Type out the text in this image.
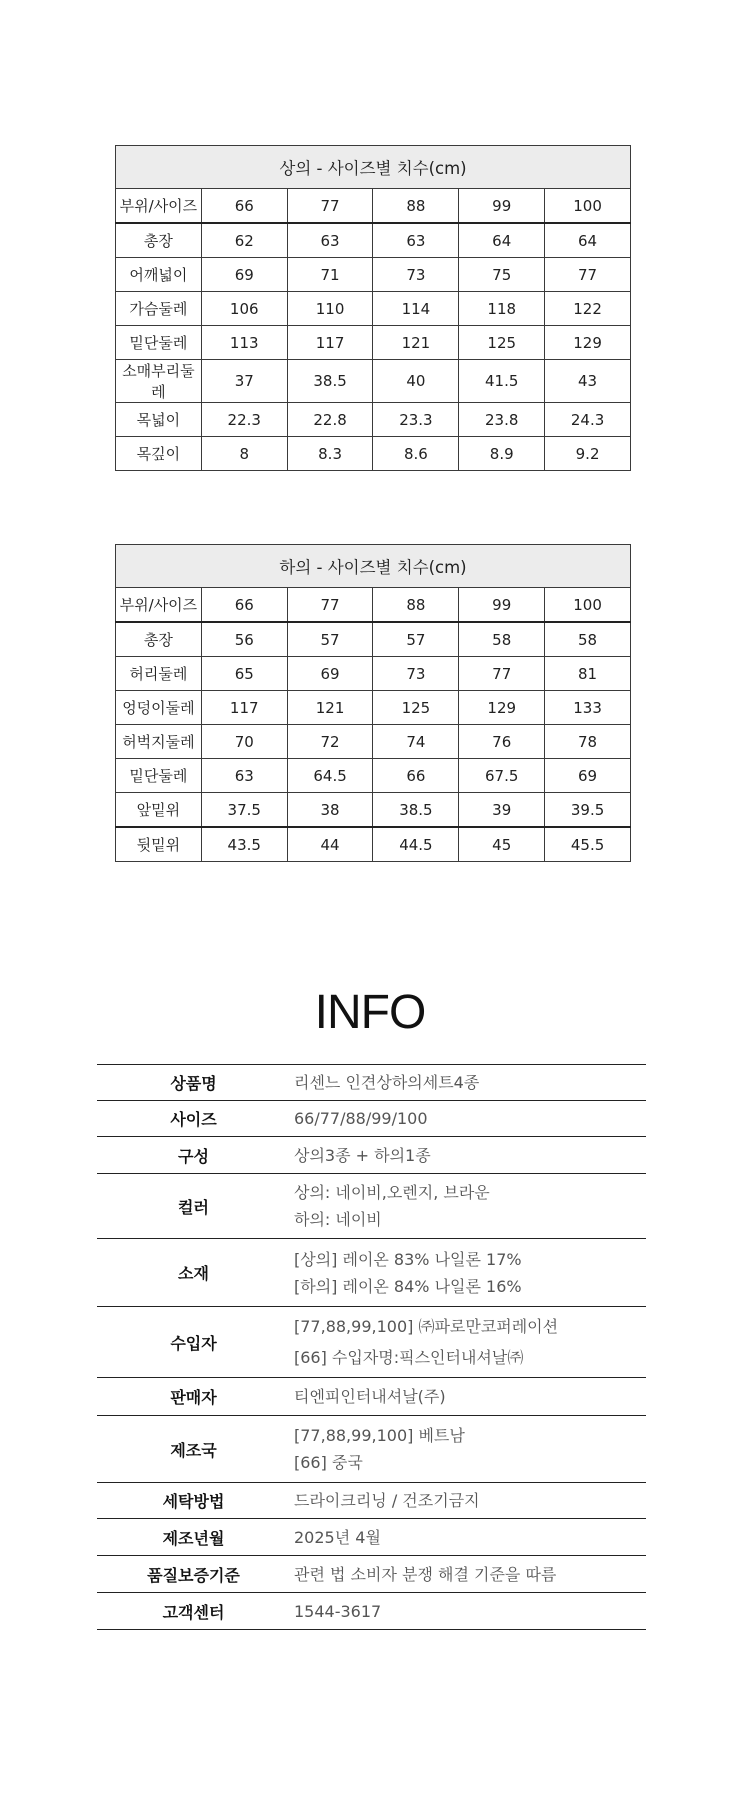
상의 - 사이즈별 치수(cm)					
부위/사이즈	66	77	88	99	100
총장	62	63	63	64	64
어깨넓이	69	71	73	75	77
가슴둘레	106	110	114	118	122
밑단둘레	113	117	121	125	129
소매부리둘레	37	38.5	40	41.5	43
목넓이	22.3	22.8	23.3	23.8	24.3
목깊이	8	8.3	8.6	8.9	9.2
하의 - 사이즈별 치수(cm)					
부위/사이즈	66	77	88	99	100
총장	56	57	57	58	58
허리둘레	65	69	73	77	81
엉덩이둘레	117	121	125	129	133
허벅지둘레	70	72	74	76	78
밑단둘레	63	64.5	66	67.5	69
앞밑위	37.5	38	38.5	39	39.5
뒷밑위	43.5	44	44.5	45	45.5
INFO
상품명	리센느 인견상하의세트4종

사이즈	66/77/88/99/100

구성	상의3종 + 하의1종

컬러	상의: 네이비,오렌지, 브라운
하의: 네이비

소재	[상의] 레이온 83% 나일론 17%
[하의] 레이온 84% 나일론 16%

수입자	[77,88,99,100] ㈜파로만코퍼레이션
[66] 수입자명:픽스인터내셔날㈜

판매자	티엔피인터내셔날(주)

제조국	[77,88,99,100] 베트남
[66] 중국

세탁방법	드라이크리닝 / 건조기금지

제조년월	2025년 4월

품질보증기준	관련 법 소비자 분쟁 해결 기준을 따름

고객센터	1544-3617
